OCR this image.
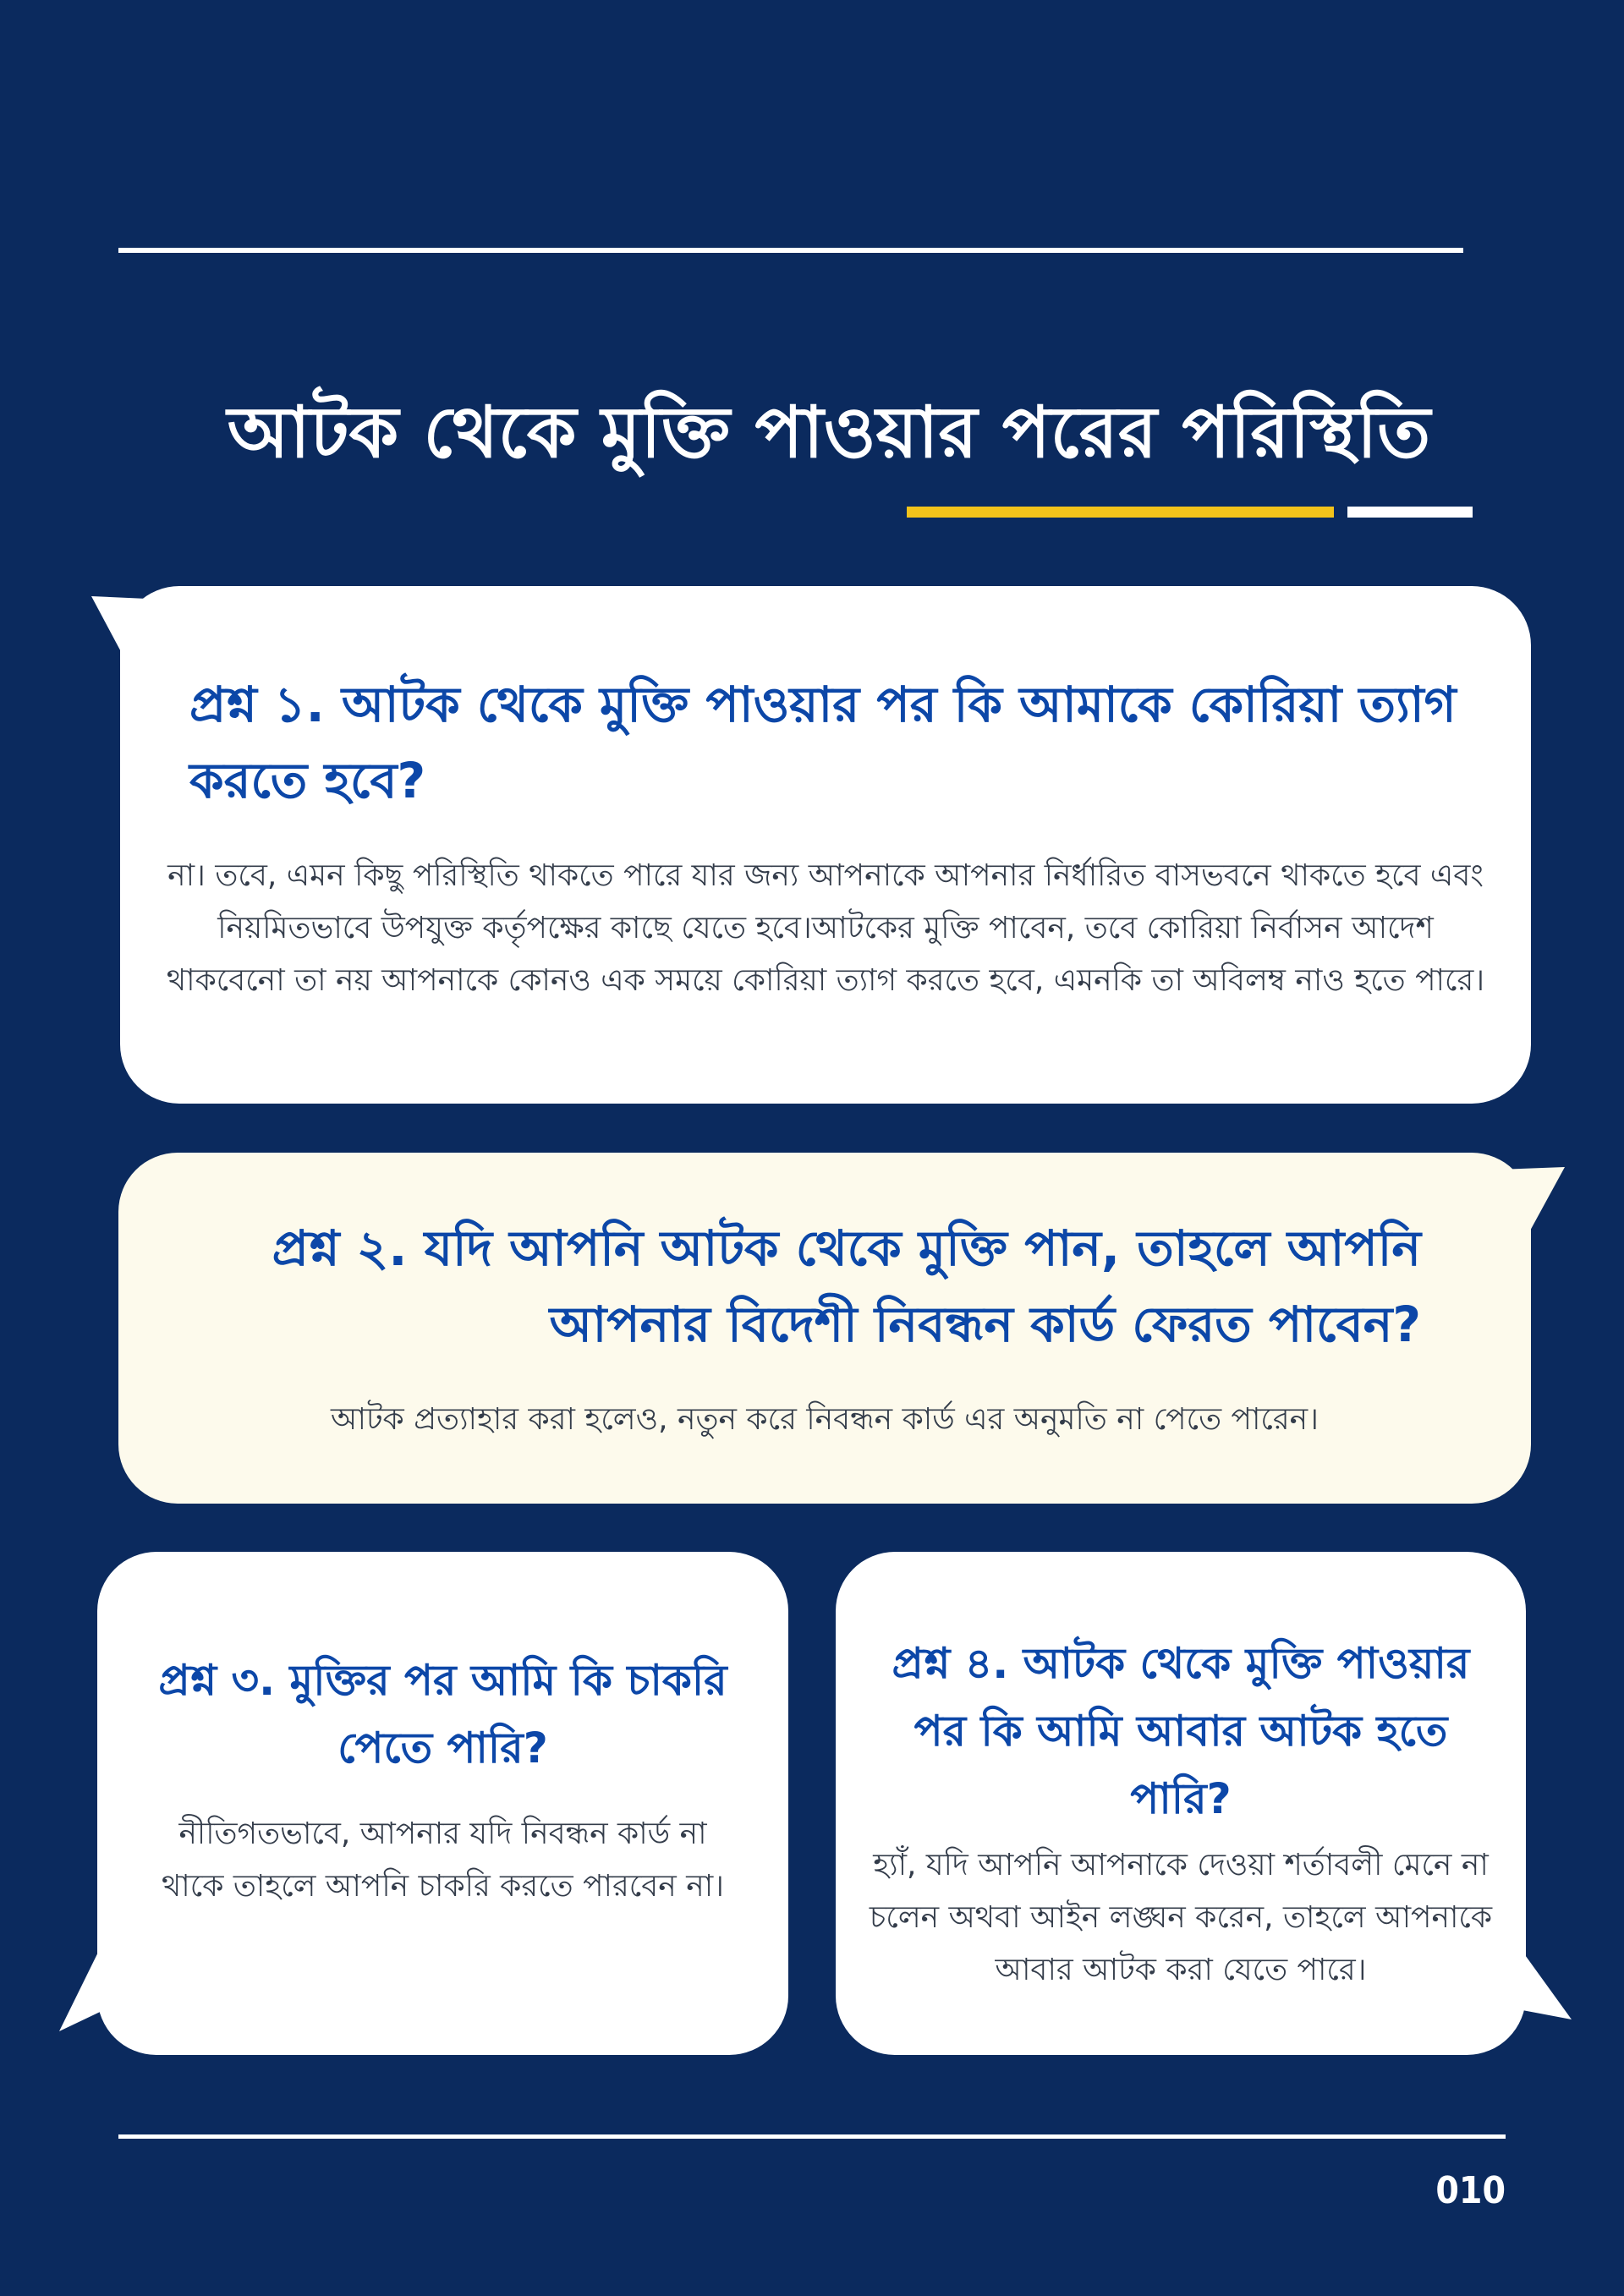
আটক থেকে মুক্তি পাওয়ার পরের পরিস্থিতি
প্রশ্ন ১. আটক থেকে মুক্তি পাওয়ার পর কি আমাকে কোরিয়া ত্যাগ করতে হবে?

না। তবে, এমন কিছু পরিস্থিতি থাকতে পারে যার জন্য আপনাকে আপনার নির্ধারিত বাসভবনে থাকতে হবে এবং নিয়মিতভাবে উপযুক্ত কর্তৃপক্ষের কাছে যেতে হবে।আটকের মুক্তি পাবেন, তবে কোরিয়া নির্বাসন আদেশ থাকবেনো তা নয় আপনাকে কোনও এক সময়ে কোরিয়া ত্যাগ করতে হবে, এমনকি তা অবিলম্ব নাও হতে পারে।

প্রশ্ন ২. যদি আপনি আটক থেকে মুক্তি পান, তাহলে আপনি আপনার বিদেশী নিবন্ধন কার্ড ফেরত পাবেন?

আটক প্রত্যাহার করা হলেও, নতুন করে নিবন্ধন কার্ড এর অনুমতি না পেতে পারেন।

প্রশ্ন ৩. মুক্তির পর আমি কি চাকরি পেতে পারি?

নীতিগতভাবে, আপনার যদি নিবন্ধন কার্ড না থাকে তাহলে আপনি চাকরি করতে পারবেন না।

প্রশ্ন ৪. আটক থেকে মুক্তি পাওয়ার পর কি আমি আবার আটক হতে পারি?

হ্যাঁ, যদি আপনি আপনাকে দেওয়া শর্তাবলী মেনে না চলেন অথবা আইন লঙ্ঘন করেন, তাহলে আপনাকে আবার আটক করা যেতে পারে।

010
